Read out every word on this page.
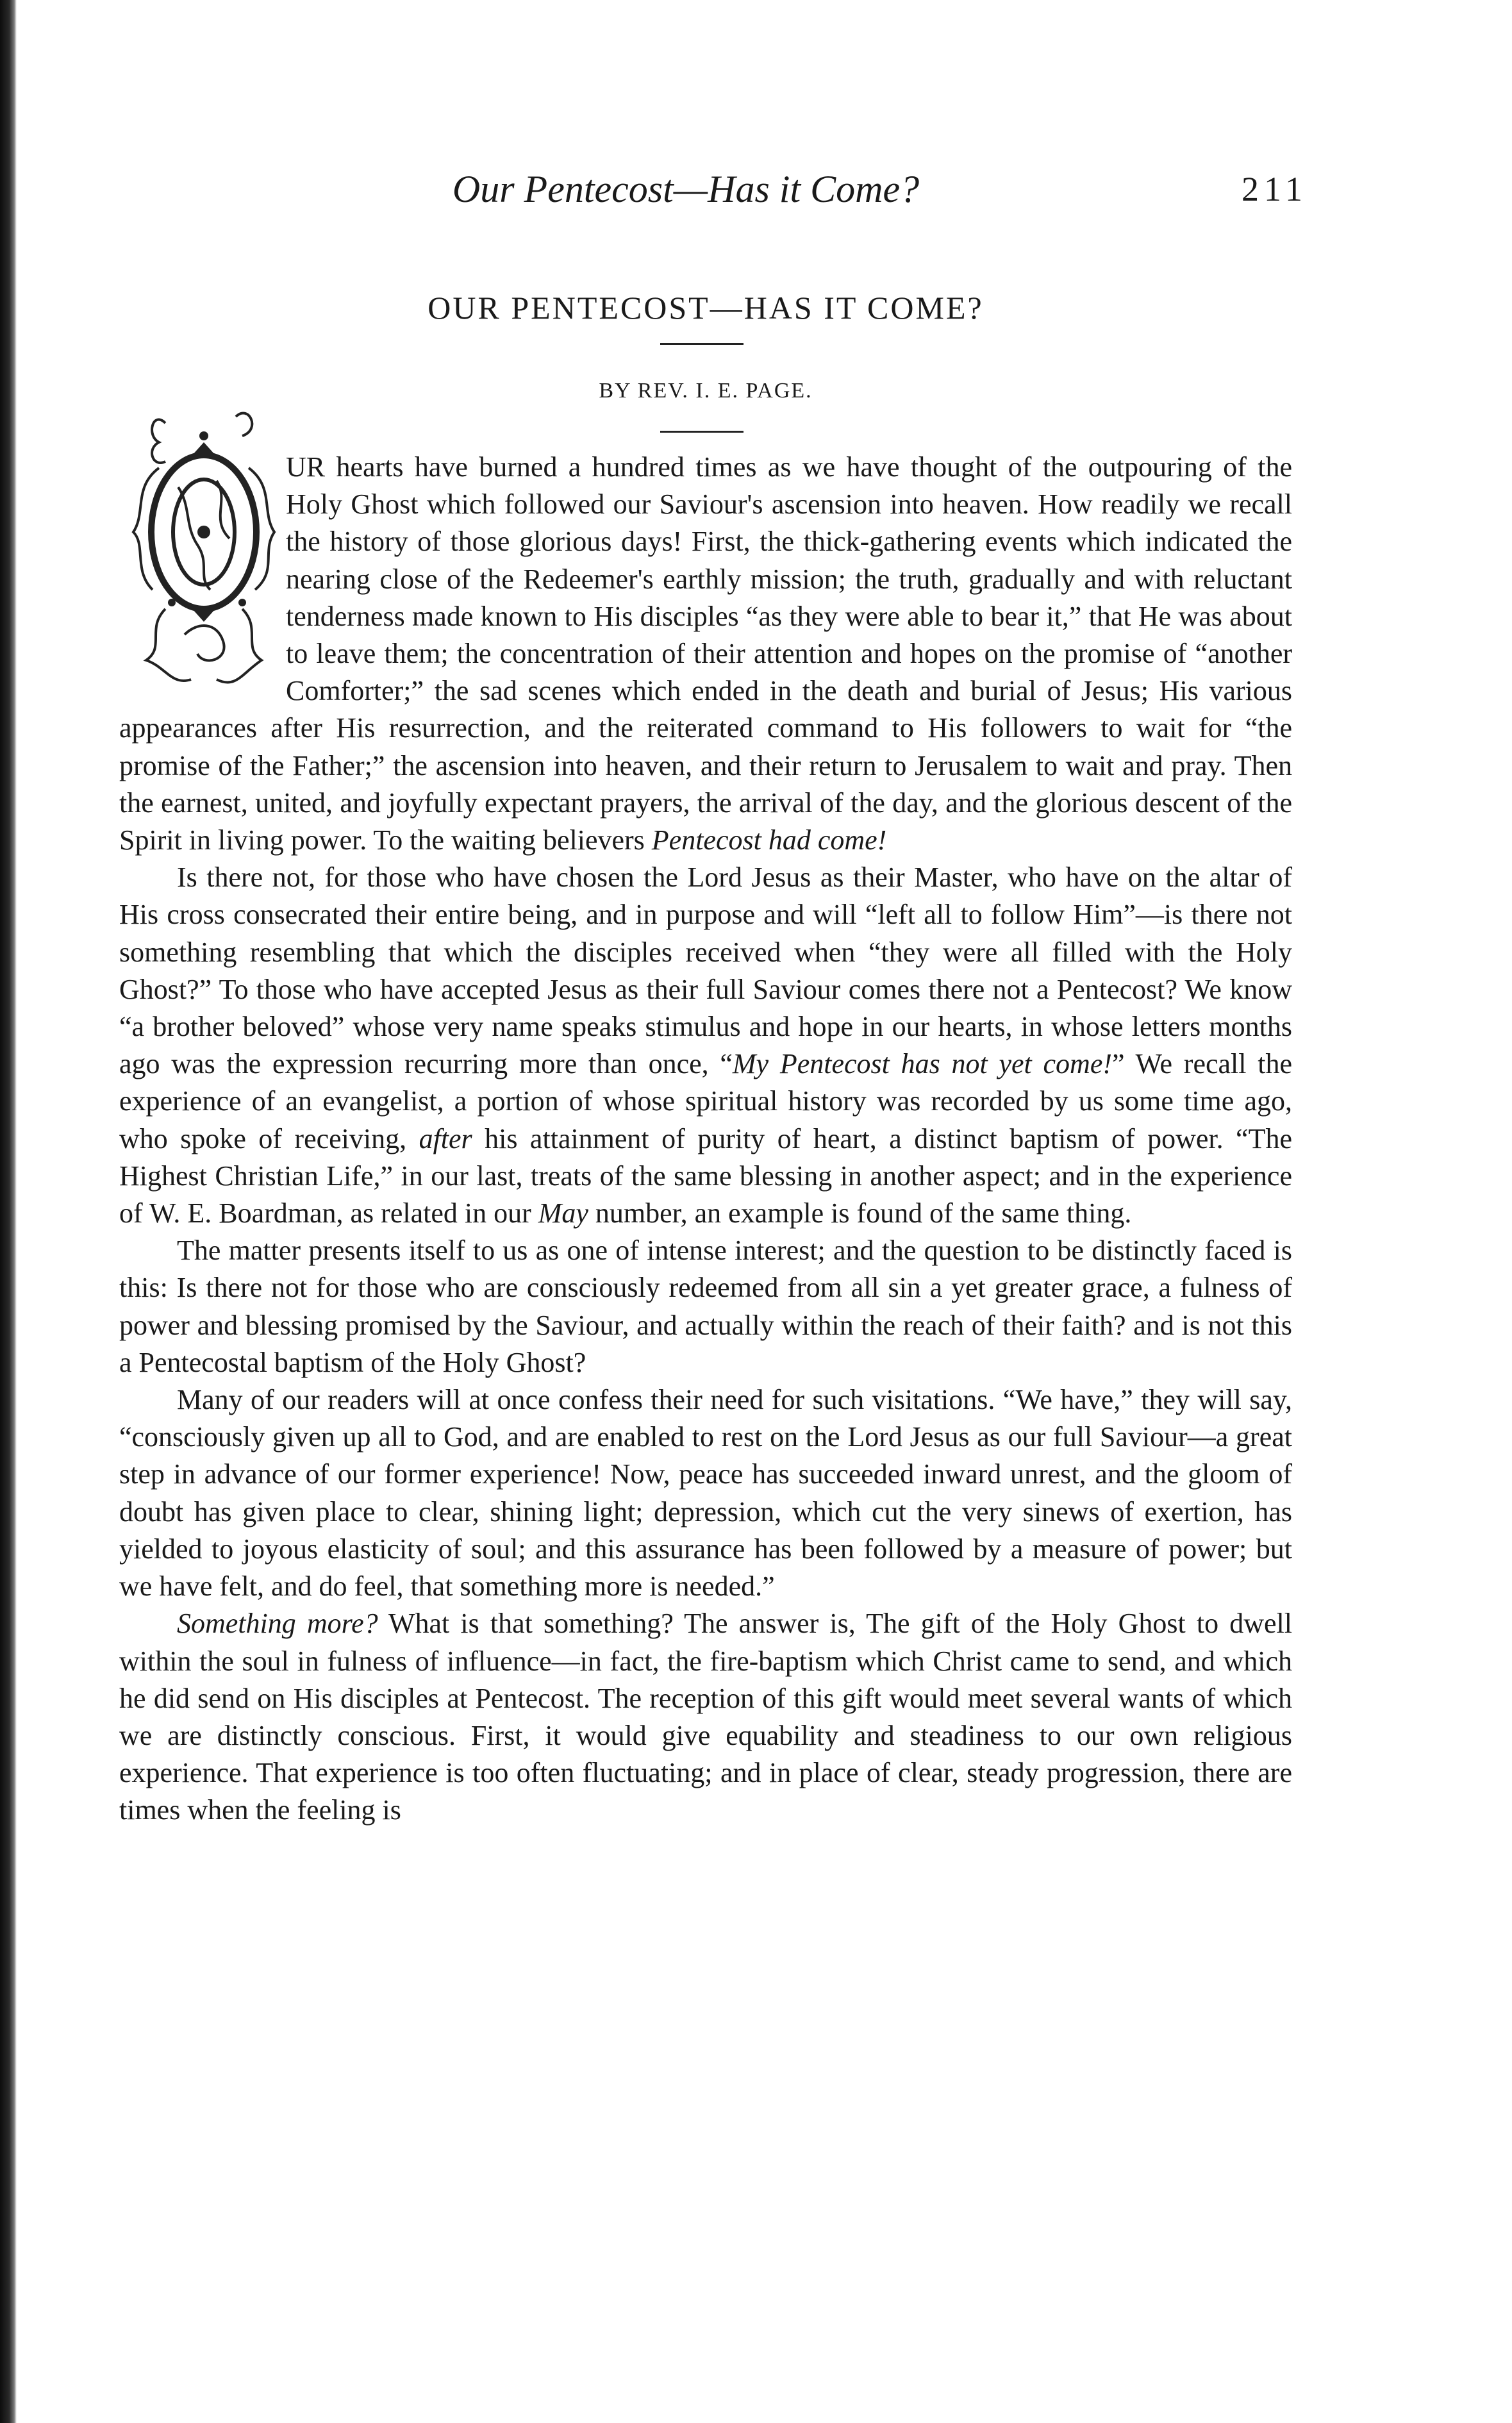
Our Pentecost—Has it Come?	211
OUR PENTECOST—HAS IT COME?
BY REV. I. E. PAGE.

UR hearts have burned a hundred times as we have thought of the outpouring of the Holy Ghost which followed our Saviour's ascension into heaven. How readily we recall the history of those glorious days! First, the thick-gathering events which indicated the nearing close of the Redeemer's earthly mission; the truth, gradually and with reluctant tenderness made known to His disciples “as they were able to bear it,” that He was about to leave them; the concentration of their attention and hopes on the promise of “another Comforter;” the sad scenes which ended in the death and burial of Jesus; His various appearances after His resurrection, and the reiterated command to His followers to wait for “the promise of the Father;” the ascension into heaven, and their return to Jerusalem to wait and pray. Then the earnest, united, and joyfully expectant prayers, the arrival of the day, and the glorious descent of the Spirit in living power. To the waiting believers Pentecost had come!

Is there not, for those who have chosen the Lord Jesus as their Master, who have on the altar of His cross consecrated their entire being, and in purpose and will “left all to follow Him”—is there not something resembling that which the disciples received when “they were all filled with the Holy Ghost?” To those who have accepted Jesus as their full Saviour comes there not a Pentecost? We know “a brother beloved” whose very name speaks stimulus and hope in our hearts, in whose letters months ago was the expression recurring more than once, “My Pentecost has not yet come!” We recall the experience of an evangelist, a portion of whose spiritual history was recorded by us some time ago, who spoke of receiving, after his attainment of purity of heart, a distinct baptism of power. “The Highest Christian Life,” in our last, treats of the same blessing in another aspect; and in the experience of W. E. Boardman, as related in our May number, an example is found of the same thing.

The matter presents itself to us as one of intense interest; and the question to be distinctly faced is this: Is there not for those who are consciously redeemed from all sin a yet greater grace, a fulness of power and blessing promised by the Saviour, and actually within the reach of their faith? and is not this a Pentecostal baptism of the Holy Ghost?

Many of our readers will at once confess their need for such visitations. “We have,” they will say, “consciously given up all to God, and are enabled to rest on the Lord Jesus as our full Saviour—a great step in advance of our former experience! Now, peace has succeeded inward unrest, and the gloom of doubt has given place to clear, shining light; depression, which cut the very sinews of exertion, has yielded to joyous elasticity of soul; and this assurance has been followed by a measure of power; but we have felt, and do feel, that something more is needed.”

Something more? What is that something? The answer is, The gift of the Holy Ghost to dwell within the soul in fulness of influence—in fact, the fire-baptism which Christ came to send, and which he did send on His disciples at Pentecost. The reception of this gift would meet several wants of which we are distinctly conscious. First, it would give equability and steadiness to our own religious experience. That experience is too often fluctuating; and in place of clear, steady progression, there are times when the feeling is
